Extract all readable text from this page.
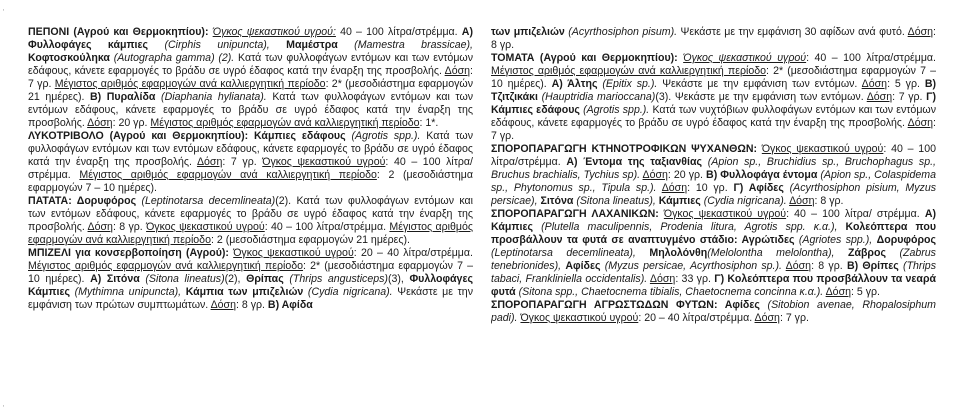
ΠΕΠΟΝΙ (Αγρού και Θερμοκηπίου): Όγκος ψεκαστικού υγρού: 40 – 100 λίτρα/στρέμμα. Α) Φυλλοφάγες κάμπιες (Cirphis unipuncta), Μαμέστρα (Mamestra brassicae), Κοφτοσκούληκα (Autographa gamma) (2). Κατά των φυλλοφάγων εντόμων και των εντόμων εδάφους, κάνετε εφαρμογές το βράδυ σε υγρό έδαφος κατά την έναρξη της προσβολής. Δόση: 7 γρ. Μέγιστος αριθμός εφαρμογών ανά καλλιεργητική περίοδο: 2* (μεσοδιάστημα εφαρμογών 21 ημέρες). Β) Πυραλίδα (Diaphania hylianata). Κατά των φυλλοφάγων εντόμων και των εντόμων εδάφους, κάνετε εφαρμογές το βράδυ σε υγρό έδαφος κατά την έναρξη της προσβολής. Δόση: 20 γρ. Μέγιστος αριθμός εφαρμογών ανά καλλιεργητική περίοδο: 1*.

ΛΥΚΟΤΡΙΒΟΛΟ (Αγρού και Θερμοκηπίου): Κάμπιες εδάφους (Agrotis spp.). Κατά των φυλλοφάγων εντόμων και των εντόμων εδάφους, κάνετε εφαρμογές το βράδυ σε υγρό έδαφος κατά την έναρξη της προσβολής. Δόση: 7 γρ. Όγκος ψεκαστικού υγρού: 40 – 100 λίτρα/στρέμμα. Μέγιστος αριθμός εφαρμογών ανά καλλιεργητική περίοδο: 2 (μεσοδιάστημα εφαρμογών 7 – 10 ημέρες).

ΠΑΤΑΤΑ: Δορυφόρος (Leptinotarsa decemlineata)(2). Κατά των φυλλοφάγων εντόμων και των εντόμων εδάφους, κάνετε εφαρμογές το βράδυ σε υγρό έδαφος κατά την έναρξη της προσβολής. Δόση: 8 γρ. Όγκος ψεκαστικού υγρού: 40 – 100 λίτρα/στρέμμα. Μέγιστος αριθμός εφαρμογών ανά καλλιεργητική περίοδο: 2 (μεσοδιάστημα εφαρμογών 21 ημέρες).

ΜΠΙΖΕΛΙ για κονσερβοποίηση (Αγρού): Όγκος ψεκαστικού υγρού: 20 – 40 λίτρα/στρέμμα. Μέγιστος αριθμός εφαρμογών ανά καλλιεργητική περίοδο: 2* (μεσοδιάστημα εφαρμογών 7 – 10 ημέρες). Α) Σιτόνα (Sitona lineatus)(2), Θρίπας (Thrips angusticeps)(3), Φυλλοφάγες Κάμπιες (Mythimna unipuncta), Κάμπια των μπιζελιών (Cydia nigricana). Ψεκάστε με την εμφάνιση των πρώτων συμπτωμάτων. Δόση: 8 γρ. Β) Αφίδα

των μπιζελιών (Acyrthosiphon pisum). Ψεκάστε με την εμφάνιση 30 αφίδων ανά φυτό. Δόση: 8 γρ.

ΤΟΜΑΤΑ (Αγρού και Θερμοκηπίου): Όγκος ψεκαστικού υγρού: 40 – 100 λίτρα/στρέμμα. Μέγιστος αριθμός εφαρμογών ανά καλλιεργητική περίοδο: 2* (μεσοδιάστημα εφαρμογών 7 – 10 ημέρες). Α) Άλτης (Epitix sp.). Ψεκάστε με την εμφάνιση των εντόμων. Δόση: 5 γρ. Β) Τζιτζικάκι (Hauptridia marioccana)(3). Ψεκάστε με την εμφάνιση των εντόμων. Δόση: 7 γρ. Γ) Κάμπιες εδάφους (Agrotis spp.). Κατά των νυχτόβιων φυλλοφάγων εντόμων και των εντόμων εδάφους, κάνετε εφαρμογές το βράδυ σε υγρό έδαφος κατά την έναρξη της προσβολής. Δόση: 7 γρ.

ΣΠΟΡΟΠΑΡΑΓΩΓΗ ΚΤΗΝΟΤΡΟΦΙΚΩΝ ΨΥΧΑΝΘΩΝ: Όγκος ψεκαστικού υγρού: 40 – 100 λίτρα/στρέμμα. Α) Έντομα της ταξιανθίας (Apion sp., Bruchidius sp., Bruchophagus sp., Bruchus brachialis, Tychius sp). Δόση: 20 γρ. Β) Φυλλοφάγα έντομα (Apion sp., Colaspidema sp., Phytonomus sp., Tipula sp.). Δόση: 10 γρ. Γ) Αφίδες (Acyrthosiphon pisium, Myzus persicae), Σιτόνα (Sitona lineatus), Κάμπιες (Cydia nigricana). Δόση: 8 γρ.

ΣΠΟΡΟΠΑΡΑΓΩΓΗ ΛΑΧΑΝΙΚΩΝ: Όγκος ψεκαστικού υγρού: 40 – 100 λίτρα/ στρέμμα. Α) Κάμπιες (Plutella maculipennis, Prodenia litura, Agrotis spp. κ.α.), Κολεόπτερα που προσβάλλουν τα φυτά σε αναπτυγμένο στάδιο: Αγρώτιδες (Agriotes spp.), Δορυφόρος (Leptinotarsa decemlineata), Μηλολόνθη(Melolontha melolontha), Ζάβρος (Zabrus tenebrionides), Αφίδες (Myzus persicae, Acyrthosiphon sp.). Δόση: 8 γρ. Β) Θρίπες (Thrips tabaci, Frankliniella occidentalis). Δόση: 33 γρ. Γ) Κολεόπτερα που προσβάλλουν τα νεαρά φυτά (Sitona spp., Chaetocnema tibialis, Chaetocnema concinna κ.α.). Δόση: 5 γρ.

ΣΠΟΡΟΠΑΡΑΓΩΓΗ ΑΓΡΩΣΤΩΔΩΝ ΦΥΤΩΝ: Αφίδες (Sitobion avenae, Rhopalosiphum padi). Όγκος ψεκαστικού υγρού: 20 – 40 λίτρα/στρέμμα. Δόση: 7 γρ.

‚
‚
